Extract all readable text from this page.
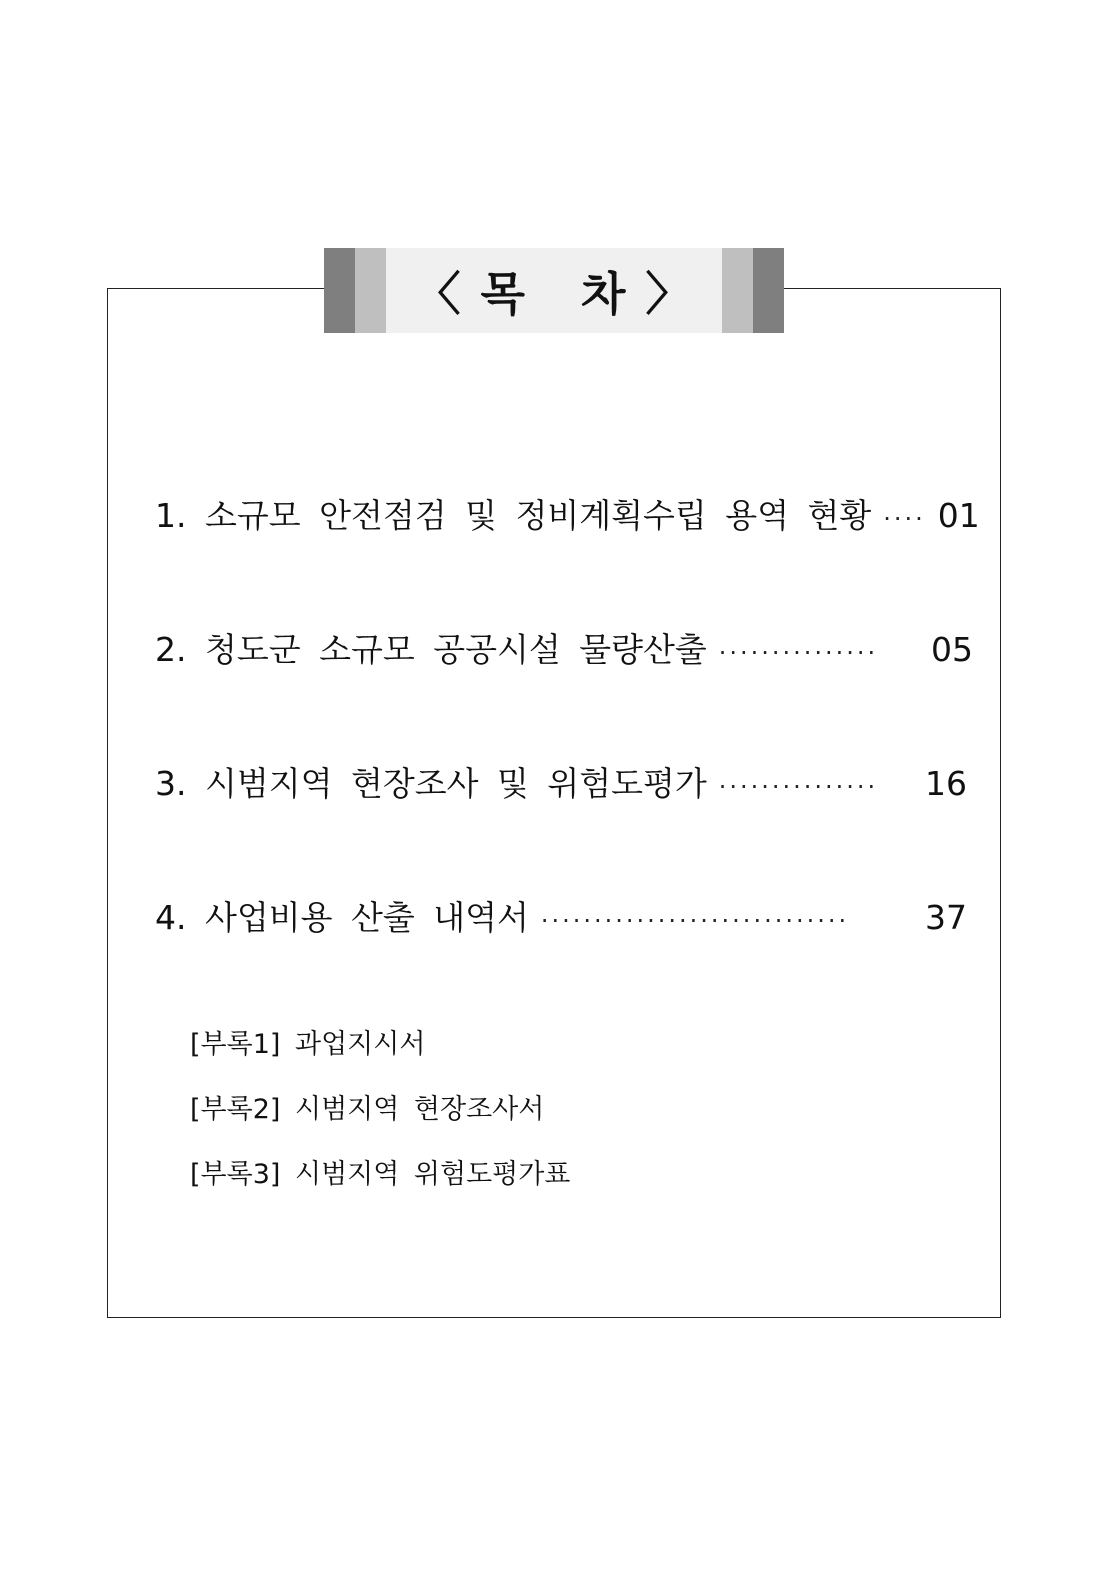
〈 목   차 〉
1. 소규모 안전점검 및 정비계획수립 용역 현황 ···· 01
2. 청도군 소규모 공공시설 물량산출 ···············	05
3. 시범지역 현장조사 및 위험도평가 ···············	16
4. 사업비용 산출 내역서 ·····························	37
[부록1] 과업지시서
[부록2] 시범지역 현장조사서
[부록3] 시범지역 위험도평가표
